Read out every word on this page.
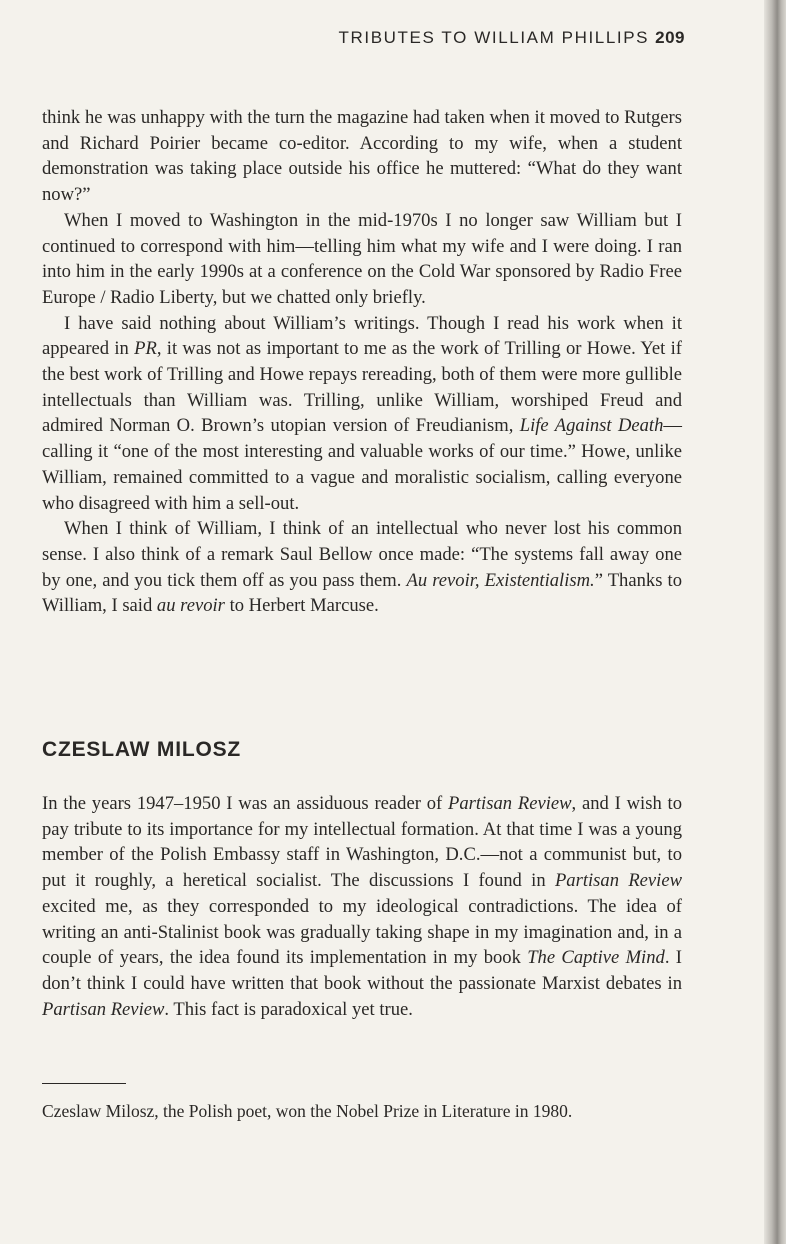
TRIBUTES TO WILLIAM PHILLIPS 209

think he was unhappy with the turn the magazine had taken when it moved to Rutgers and Richard Poirier became co-editor. According to my wife, when a student demonstration was taking place outside his office he muttered: “What do they want now?”

When I moved to Washington in the mid-1970s I no longer saw William but I continued to correspond with him—telling him what my wife and I were doing. I ran into him in the early 1990s at a conference on the Cold War sponsored by Radio Free Europe / Radio Liberty, but we chatted only briefly.

I have said nothing about William’s writings. Though I read his work when it appeared in PR, it was not as important to me as the work of Trilling or Howe. Yet if the best work of Trilling and Howe repays rereading, both of them were more gullible intellectuals than William was. Trilling, unlike William, worshiped Freud and admired Norman O. Brown’s utopian version of Freudianism, Life Against Death—calling it “one of the most interesting and valuable works of our time.” Howe, unlike William, remained committed to a vague and moralistic socialism, calling everyone who disagreed with him a sell-out.

When I think of William, I think of an intellectual who never lost his common sense. I also think of a remark Saul Bellow once made: “The systems fall away one by one, and you tick them off as you pass them. Au revoir, Existentialism.” Thanks to William, I said au revoir to Herbert Marcuse.

CZESLAW MILOSZ

In the years 1947–1950 I was an assiduous reader of Partisan Review, and I wish to pay tribute to its importance for my intellectual formation. At that time I was a young member of the Polish Embassy staff in Washington, D.C.—not a communist but, to put it roughly, a heretical socialist. The discussions I found in Partisan Review excited me, as they corresponded to my ideological contradictions. The idea of writing an anti-Stalinist book was gradually taking shape in my imagination and, in a couple of years, the idea found its implementation in my book The Captive Mind. I don’t think I could have written that book without the passionate Marxist debates in Partisan Review. This fact is paradoxical yet true.

Czeslaw Milosz, the Polish poet, won the Nobel Prize in Literature in 1980.
